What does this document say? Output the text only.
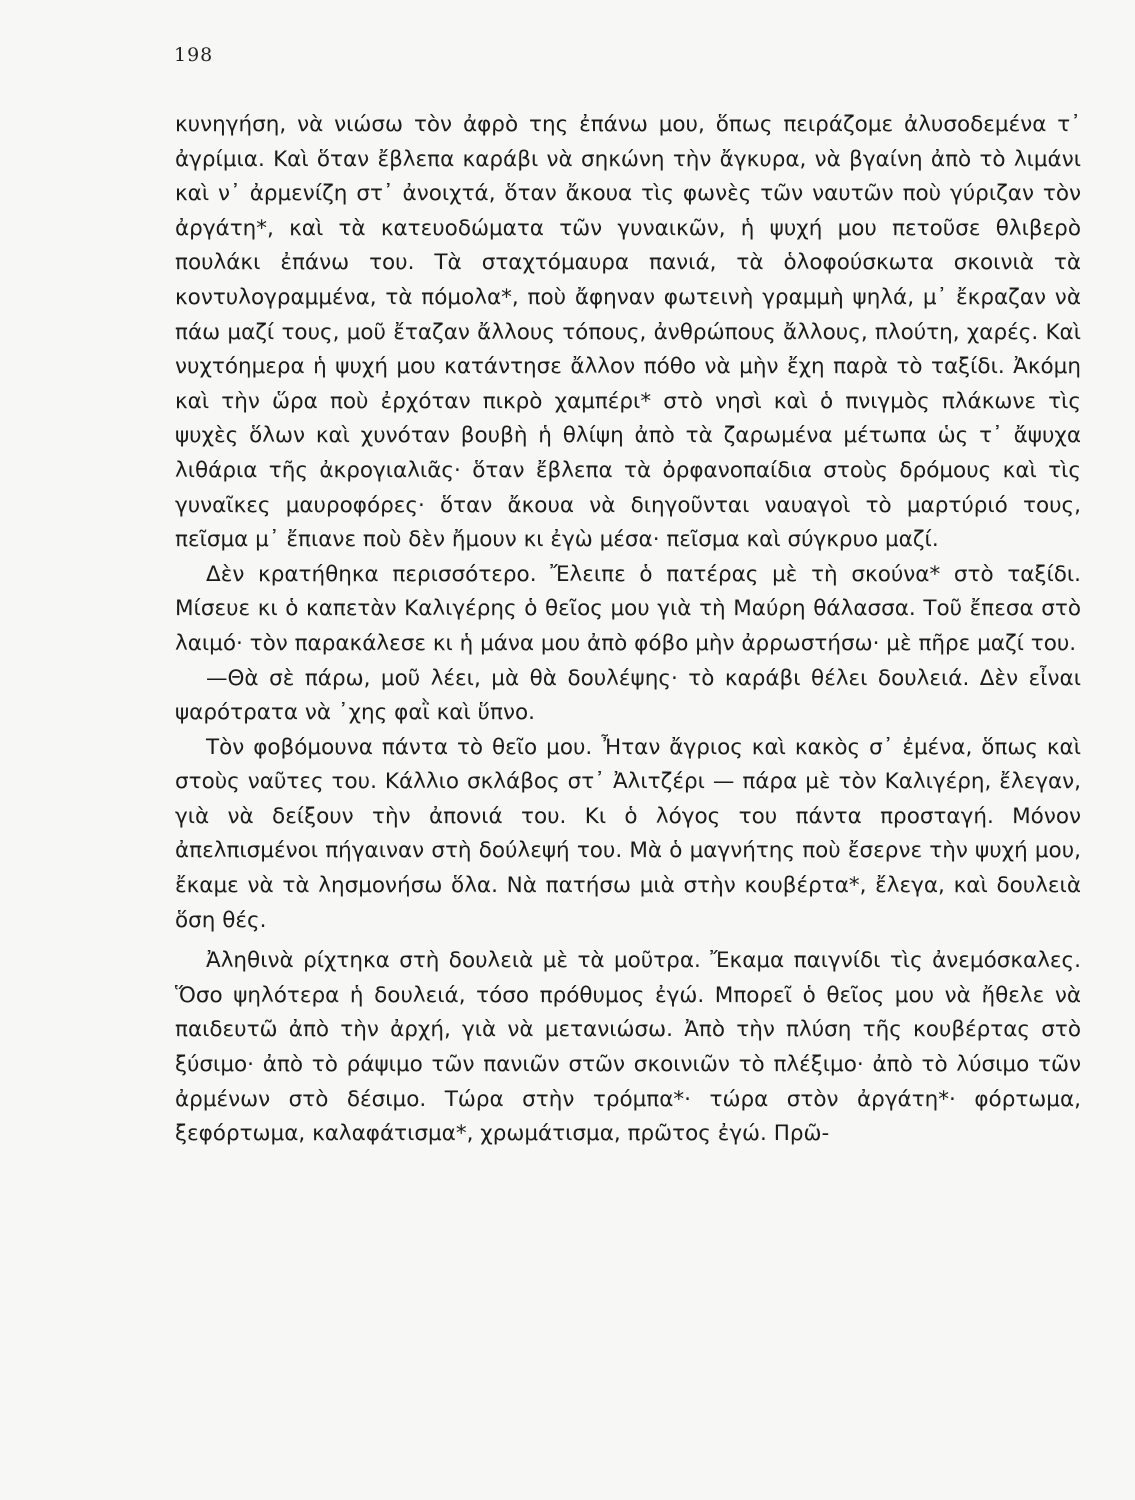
198

κυνηγήση, νὰ νιώσω τὸν ἀφρὸ της ἐπάνω μου, ὅπως πειράζομε ἀλυσοδεμένα τ᾽ ἀγρίμια. Καὶ ὅταν ἔβλεπα καράβι νὰ σηκώνη τὴν ἄγκυρα, νὰ βγαίνη ἀπὸ τὸ λιμάνι καὶ ν᾽ ἀρμενίζη στ᾽ ἀνοιχτά, ὅταν ἄκουα τὶς φωνὲς τῶν ναυτῶν ποὺ γύριζαν τὸν ἀργάτη*, καὶ τὰ κατευοδώματα τῶν γυναικῶν, ἡ ψυχή μου πετοῦσε θλιβερὸ πουλάκι ἐπάνω του. Τὰ σταχτόμαυρα πανιά, τὰ ὁλοφούσκωτα σκοινιὰ τὰ κοντυλογραμμένα, τὰ πόμολα*, ποὺ ἄφηναν φωτεινὴ γραμμὴ ψηλά, μ᾽ ἔκραζαν νὰ πάω μαζί τους, μοῦ ἔταζαν ἄλλους τόπους, ἀνθρώπους ἄλλους, πλούτη, χαρές. Καὶ νυχτόημερα ἡ ψυχή μου κατάντησε ἄλλον πόθο νὰ μὴν ἔχη παρὰ τὸ ταξίδι. Ἀκόμη καὶ τὴν ὥρα ποὺ ἐρχόταν πικρὸ χαμπέρι* στὸ νησὶ καὶ ὁ πνιγμὸς πλάκωνε τὶς ψυχὲς ὅλων καὶ χυνόταν βουβὴ ἡ θλίψη ἀπὸ τὰ ζαρωμένα μέτωπα ὡς τ᾽ ἄψυχα λιθάρια τῆς ἀκρογιαλιᾶς· ὅταν ἔβλεπα τὰ ὀρφανοπαίδια στοὺς δρόμους καὶ τὶς γυναῖκες μαυροφόρες· ὅταν ἄκουα νὰ διηγοῦνται ναυαγοὶ τὸ μαρτύριό τους, πεῖσμα μ᾽ ἔπιανε ποὺ δὲν ἤμουν κι ἐγὼ μέσα· πεῖσμα καὶ σύγκρυο μαζί.

Δὲν κρατήθηκα περισσότερο. Ἔλειπε ὁ πατέρας μὲ τὴ σκούνα* στὸ ταξίδι. Μίσευε κι ὁ καπετὰν Καλιγέρης ὁ θεῖος μου γιὰ τὴ Μαύρη θάλασσα. Τοῦ ἔπεσα στὸ λαιμό· τὸν παρακάλεσε κι ἡ μάνα μου ἀπὸ φόβο μὴν ἀρρωστήσω· μὲ πῆρε μαζί του.

—Θὰ σὲ πάρω, μοῦ λέει, μὰ θὰ δουλέψης· τὸ καράβι θέλει δουλειά. Δὲν εἶναι ψαρότρατα νὰ ᾽χης φαῒ καὶ ὕπνο.

Τὸν φοβόμουνα πάντα τὸ θεῖο μου. Ἦταν ἄγριος καὶ κακὸς σ᾽ ἐμένα, ὅπως καὶ στοὺς ναῦτες του. Κάλλιο σκλάβος στ᾽ Ἀλιτζέρι — πάρα μὲ τὸν Καλιγέρη, ἔλεγαν, γιὰ νὰ δείξουν τὴν ἀπονιά του. Κι ὁ λόγος του πάντα προσταγή. Μόνον ἀπελπισμένοι πήγαιναν στὴ δούλεψή του. Μὰ ὁ μαγνήτης ποὺ ἔσερνε τὴν ψυχή μου, ἔκαμε νὰ τὰ λησμονήσω ὅλα. Νὰ πατήσω μιὰ στὴν κουβέρτα*, ἔλεγα, καὶ δουλειὰ ὅση θές.

Ἀληθινὰ ρίχτηκα στὴ δουλειὰ μὲ τὰ μοῦτρα. Ἔκαμα παιγνίδι τὶς ἀνεμόσκαλες. Ὅσο ψηλότερα ἡ δουλειά, τόσο πρόθυμος ἐγώ. Μπορεῖ ὁ θεῖος μου νὰ ἤθελε νὰ παιδευτῶ ἀπὸ τὴν ἀρχή, γιὰ νὰ μετανιώσω. Ἀπὸ τὴν πλύση τῆς κουβέρτας στὸ ξύσιμο· ἀπὸ τὸ ράψιμο τῶν πανιῶν στῶν σκοινιῶν τὸ πλέξιμο· ἀπὸ τὸ λύσιμο τῶν ἀρμένων στὸ δέσιμο. Τώρα στὴν τρόμπα*· τώρα στὸν ἀργάτη*· φόρτωμα, ξεφόρτωμα, καλαφάτισμα*, χρωμάτισμα, πρῶτος ἐγώ. Πρῶ-
